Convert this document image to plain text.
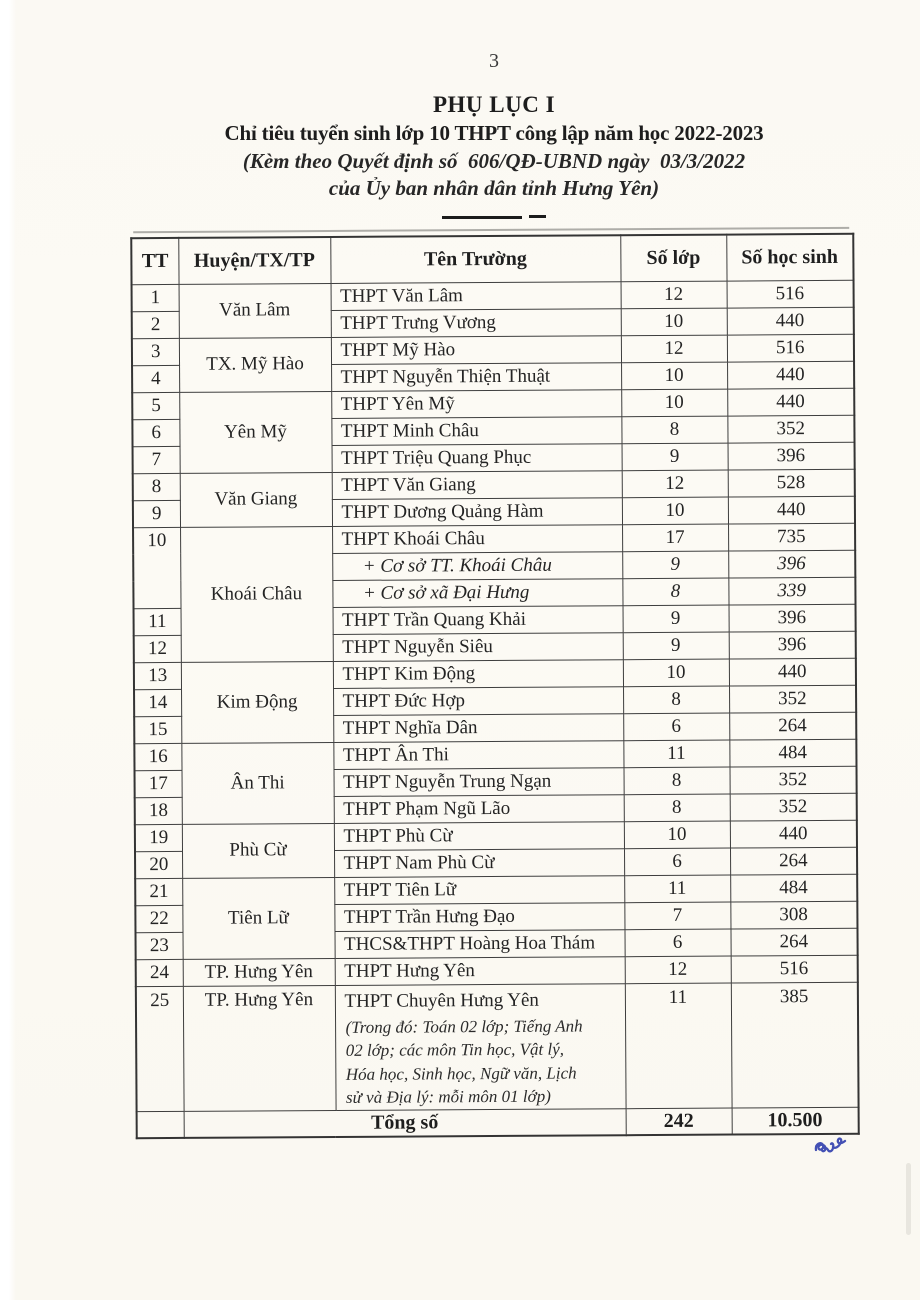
3
PHỤ LỤC I
Chỉ tiêu tuyển sinh lớp 10 THPT công lập năm học 2022-2023
(Kèm theo Quyết định số  606/QĐ-UBND ngày  03/3/2022
của Ủy ban nhân dân tỉnh Hưng Yên)
TT	Huyện/TX/TP	Tên Trường	Số lớp	Số học sinh
1	Văn Lâm	THPT Văn Lâm	12	516
2		THPT Trưng Vương	10	440
3	TX. Mỹ Hào	THPT Mỹ Hào	12	516
4		THPT Nguyễn Thiện Thuật	10	440
5	Yên Mỹ	THPT Yên Mỹ	10	440
6		THPT Minh Châu	8	352
7		THPT Triệu Quang Phục	9	396
8	Văn Giang	THPT Văn Giang	12	528
9		THPT Dương Quảng Hàm	10	440
10	Khoái Châu	THPT Khoái Châu	17	735
		+ Cơ sở TT. Khoái Châu	9	396
		+ Cơ sở xã Đại Hưng	8	339
11		THPT Trần Quang Khải	9	396
12		THPT Nguyễn Siêu	9	396
13	Kim Động	THPT Kim Động	10	440
14		THPT Đức Hợp	8	352
15		THPT Nghĩa Dân	6	264
16	Ân Thi	THPT Ân Thi	11	484
17		THPT Nguyễn Trung Ngạn	8	352
18		THPT Phạm Ngũ Lão	8	352
19	Phù Cừ	THPT Phù Cừ	10	440
20		THPT Nam Phù Cừ	6	264
21	Tiên Lữ	THPT Tiên Lữ	11	484
22		THPT Trần Hưng Đạo	7	308
23		THCS&THPT Hoàng Hoa Thám	6	264
24	TP. Hưng Yên	THPT Hưng Yên	12	516
25	TP. Hưng Yên	THPT Chuyên Hưng Yên
(Trong đó: Toán 02 lớp; Tiếng Anh
02 lớp; các môn Tin học, Vật lý,
Hóa học, Sinh học, Ngữ văn, Lịch
sử và Địa lý: mỗi môn 01 lớp)	11	385
	Tổng số		242	10.500
